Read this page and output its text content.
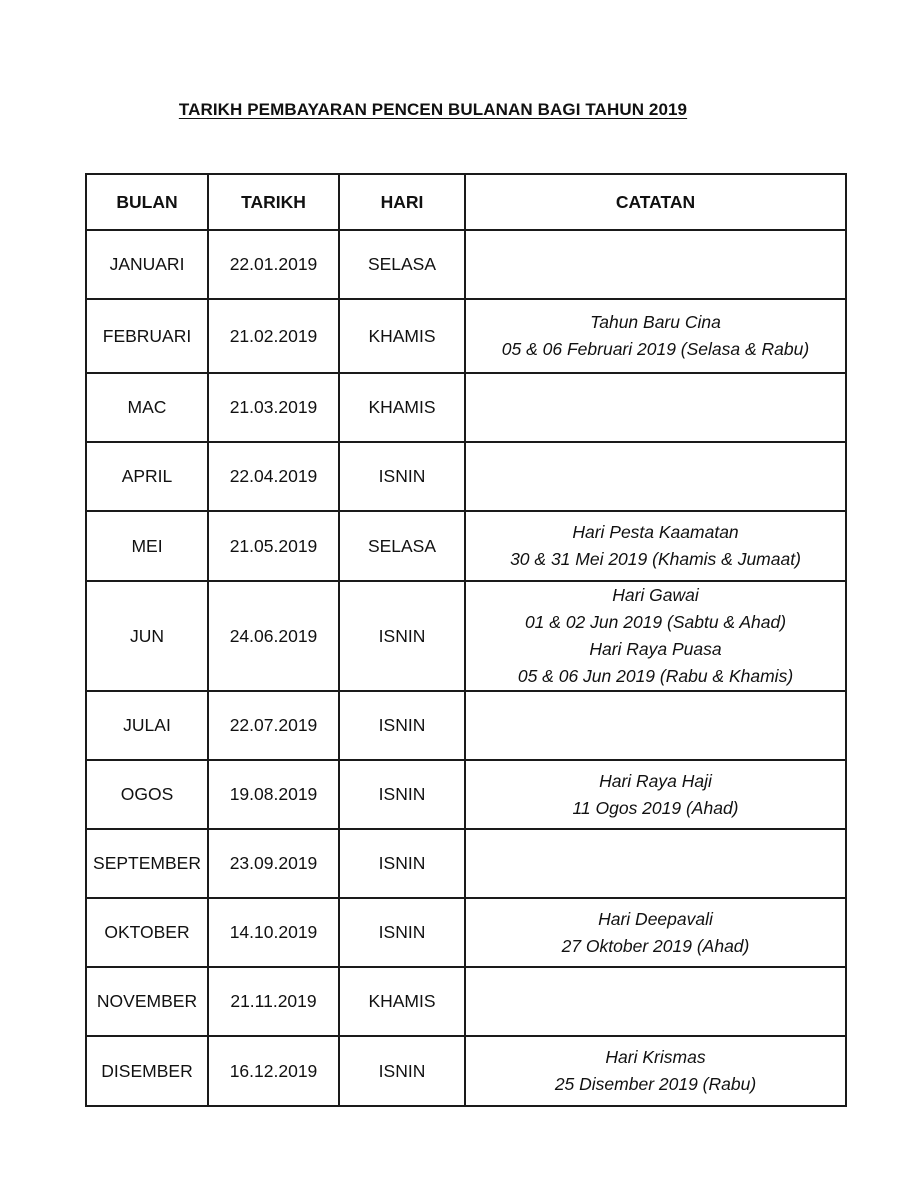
TARIKH PEMBAYARAN PENCEN BULANAN BAGI TAHUN 2019
BULAN	TARIKH	HARI	CATATAN
JANUARI	22.01.2019	SELASA	
FEBRUARI	21.02.2019	KHAMIS	Tahun Baru Cina
05 & 06 Februari 2019 (Selasa & Rabu)

MAC	21.03.2019	KHAMIS	
APRIL	22.04.2019	ISNIN	
MEI	21.05.2019	SELASA	Hari Pesta Kaamatan
30 & 31 Mei 2019 (Khamis & Jumaat)

JUN	24.06.2019	ISNIN	Hari Gawai
01 & 02 Jun 2019 (Sabtu & Ahad)
Hari Raya Puasa
05 & 06 Jun 2019 (Rabu & Khamis)

JULAI	22.07.2019	ISNIN	
OGOS	19.08.2019	ISNIN	Hari Raya Haji
11 Ogos 2019 (Ahad)

SEPTEMBER	23.09.2019	ISNIN	
OKTOBER	14.10.2019	ISNIN	Hari Deepavali
27 Oktober 2019 (Ahad)

NOVEMBER	21.11.2019	KHAMIS	
DISEMBER	16.12.2019	ISNIN	Hari Krismas
25 Disember 2019 (Rabu)
